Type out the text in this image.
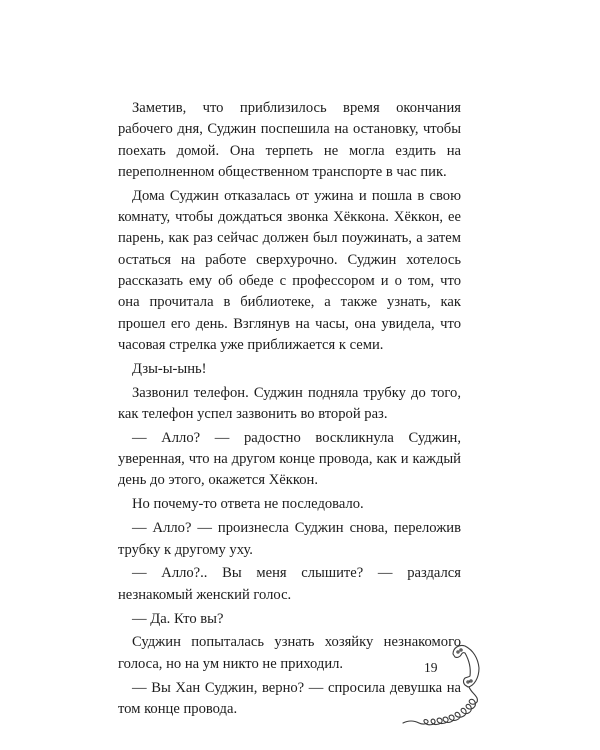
Заметив, что приблизилось время окончания рабочего дня, Суджин поспешила на остановку, чтобы поехать домой. Она терпеть не могла ездить на переполненном общественном транспорте в час пик.

Дома Суджин отказалась от ужина и пошла в свою комнату, чтобы дождаться звонка Хёккона. Хёккон, ее парень, как раз сейчас должен был поужинать, а затем остаться на работе сверхурочно. Суджин хотелось рассказать ему об обеде с профессором и о том, что она прочитала в библиотеке, а также узнать, как прошел его день. Взглянув на часы, она увидела, что часовая стрелка уже приближается к семи.

Дзы-ы-ынь!

Зазвонил телефон. Суджин подняла трубку до того, как телефон успел зазвонить во второй раз.

— Алло? — радостно воскликнула Суджин, уверенная, что на другом конце провода, как и каждый день до этого, окажется Хёккон.

Но почему-то ответа не последовало.

— Алло? — произнесла Суджин снова, переложив трубку к другому уху.

— Алло?.. Вы меня слышите? — раздался незнакомый женский голос.

— Да. Кто вы?

Суджин попыталась узнать хозяйку незнакомого голоса, но на ум никто не приходил.

— Вы Хан Суджин, верно? — спросила девушка на том конце провода.

19
